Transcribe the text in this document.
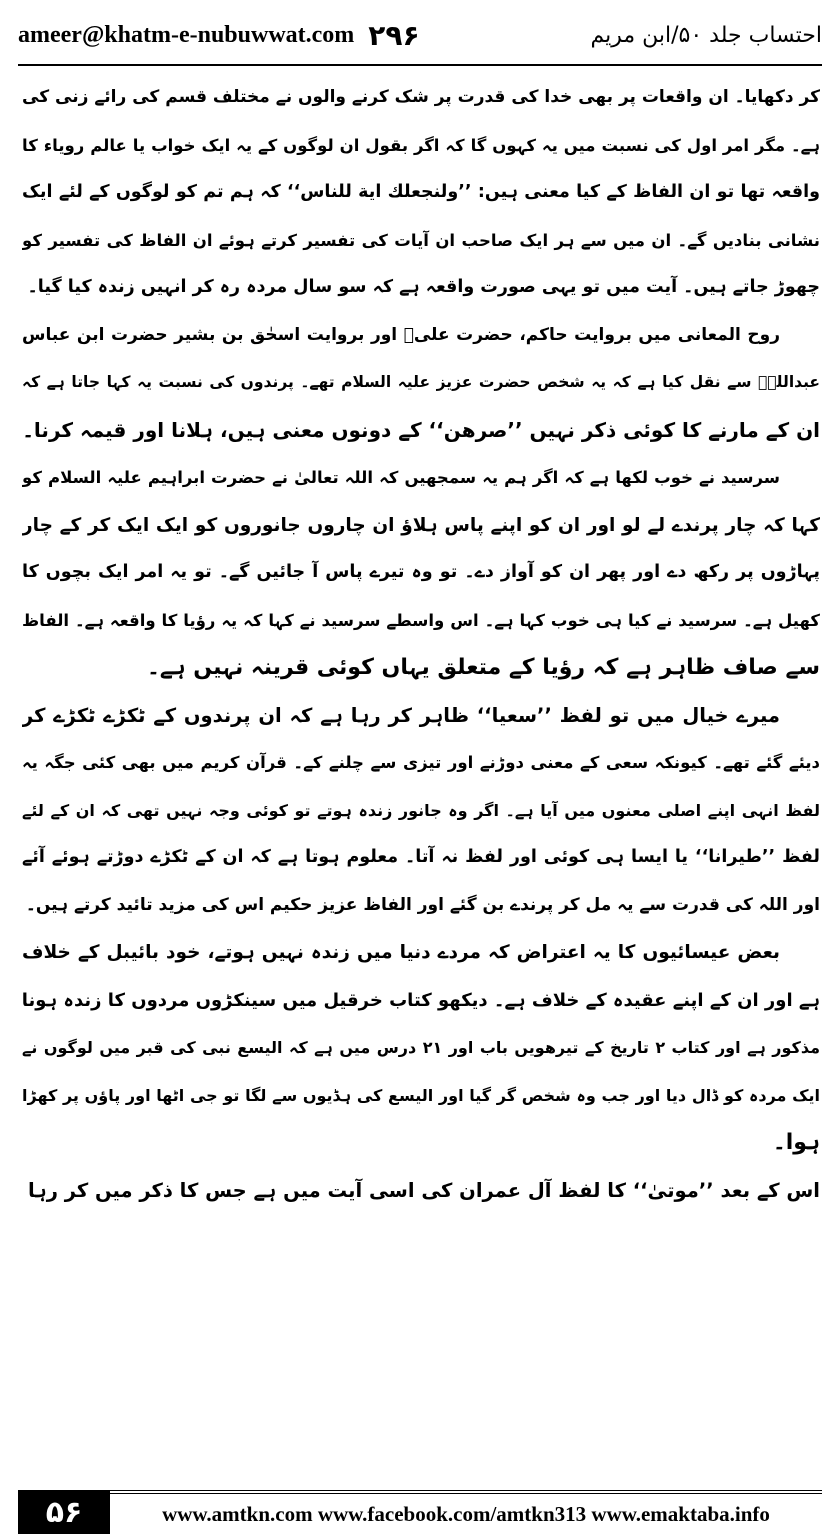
ameer@khatm-e-nubuwwat.com ۲۹۶	احتساب جلد ۵۰/ابن مریم
کر دکھایا۔ ان واقعات پر بھی خدا کی قدرت پر شک کرنے والوں نے مختلف قسم کی رائے زنی کی
ہے۔ مگر امر اول کی نسبت میں یہ کہوں گا کہ اگر بقول ان لوگوں کے یہ ایک خواب یا عالم رویاء کا
واقعہ تھا تو ان الفاظ کے کیا معنی ہیں: ’’ولنجعلك اية للناس‘‘ کہ ہم تم کو لوگوں کے لئے ایک
نشانی بنادیں گے۔ ان میں سے ہر ایک صاحب ان آیات کی تفسیر کرتے ہوئے ان الفاظ کی تفسیر کو
چھوڑ جاتے ہیں۔ آیت میں تو یہی صورت واقعہ ہے کہ سو سال مردہ رہ کر انہیں زندہ کیا گیا۔
روح المعانی میں بروایت حاکم، حضرت علیؓ اور بروایت اسحٰق بن بشیر حضرت ابن عباس
عبداللہؓ سے نقل کیا ہے کہ یہ شخص حضرت عزیز علیہ السلام تھے۔ پرندوں کی نسبت یہ کہا جاتا ہے کہ
ان کے مارنے کا کوئی ذکر نہیں ’’صرھن‘‘ کے دونوں معنی ہیں، ہلانا اور قیمہ کرنا۔
سرسید نے خوب لکھا ہے کہ اگر ہم یہ سمجھیں کہ اللہ تعالیٰ نے حضرت ابراہیم علیہ السلام کو
کہا کہ چار پرندے لے لو اور ان کو اپنے پاس ہلاؤ ان چاروں جانوروں کو ایک ایک کر کے چار
پہاڑوں پر رکھ دے اور پھر ان کو آواز دے۔ تو وہ تیرے پاس آ جائیں گے۔ تو یہ امر ایک بچوں کا
کھیل ہے۔ سرسید نے کیا ہی خوب کہا ہے۔ اس واسطے سرسید نے کہا کہ یہ رؤیا کا واقعہ ہے۔ الفاظ
سے صاف ظاہر ہے کہ رؤیا کے متعلق یہاں کوئی قرینہ نہیں ہے۔
میرے خیال میں تو لفظ ’’سعیا‘‘ ظاہر کر رہا ہے کہ ان پرندوں کے ٹکڑے ٹکڑے کر
دیئے گئے تھے۔ کیونکہ سعی کے معنی دوڑنے اور تیزی سے چلنے کے۔ قرآن کریم میں بھی کئی جگہ یہ
لفظ انہی اپنے اصلی معنوں میں آیا ہے۔ اگر وہ جانور زندہ ہوتے تو کوئی وجہ نہیں تھی کہ ان کے لئے
لفظ ’’طیرانا‘‘ یا ایسا ہی کوئی اور لفظ نہ آتا۔ معلوم ہوتا ہے کہ ان کے ٹکڑے دوڑتے ہوئے آئے
اور اللہ کی قدرت سے یہ مل کر پرندے بن گئے اور الفاظ عزیز حکیم اس کی مزید تائید کرتے ہیں۔
بعض عیسائیوں کا یہ اعتراض کہ مردے دنیا میں زندہ نہیں ہوتے، خود بائیبل کے خلاف
ہے اور ان کے اپنے عقیدہ کے خلاف ہے۔ دیکھو کتاب خرقیل میں سینکڑوں مردوں کا زندہ ہونا
مذکور ہے اور کتاب ۲ تاریخ کے تیرھویں باب اور ۲۱ درس میں ہے کہ الیسع نبی کی قبر میں لوگوں نے
ایک مردہ کو ڈال دیا اور جب وہ شخص گر گیا اور الیسع کی ہڈیوں سے لگا تو جی اٹھا اور پاؤں پر کھڑا
ہوا۔
اس کے بعد ’’موتیٰ‘‘ کا لفظ آل عمران کی اسی آیت میں ہے جس کا ذکر میں کر رہا
۵۶	www.amtkn.com www.facebook.com/amtkn313 www.emaktaba.info
